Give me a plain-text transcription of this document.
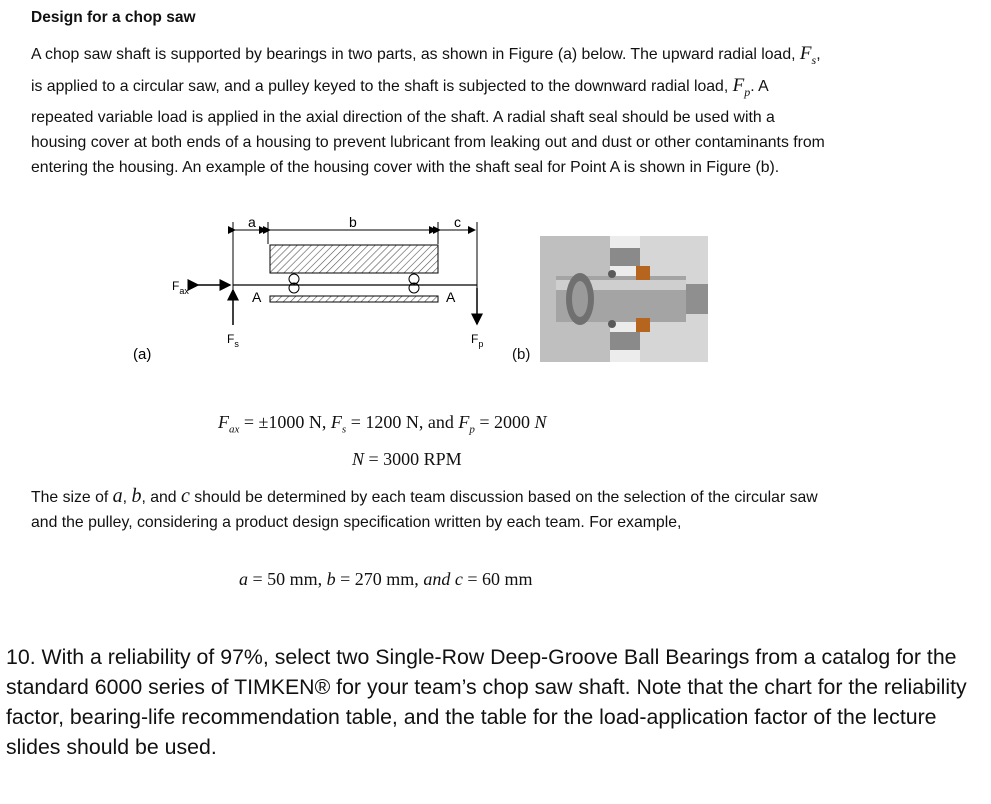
Design for a chop saw
A chop saw shaft is supported by bearings in two parts, as shown in Figure (a) below. The upward radial load, $F_s$, is applied to a circular saw, and a pulley keyed to the shaft is subjected to the downward radial load, $F_p$. A repeated variable load is applied in the axial direction of the shaft. A radial shaft seal should be used with a housing cover at both ends of a housing to prevent lubricant from leaking out and dust or other contaminants from entering the housing. An example of the housing cover with the shaft seal for Point A is shown in Figure (b).
a	b	c
A	A
$F_{ax}$
$F_s$	$F_p$
(a)	(b)
$F_{ax} = \pm 1000$ N, $F_s = 1200$ N, and $F_p = 2000$ N
N = 3000 RPM
The size of a, b, and c should be determined by each team discussion based on the selection of the circular saw and the pulley, considering a product design specification written by each team. For example,
a = 50 mm, b = 270 mm, and c = 60 mm
10. With a reliability of 97%, select two Single-Row Deep-Groove Ball Bearings from a catalog for the standard 6000 series of TIMKEN® for your team’s chop saw shaft. Note that the chart for the reliability factor, bearing-life recommendation table, and the table for the load-application factor of the lecture slides should be used.
